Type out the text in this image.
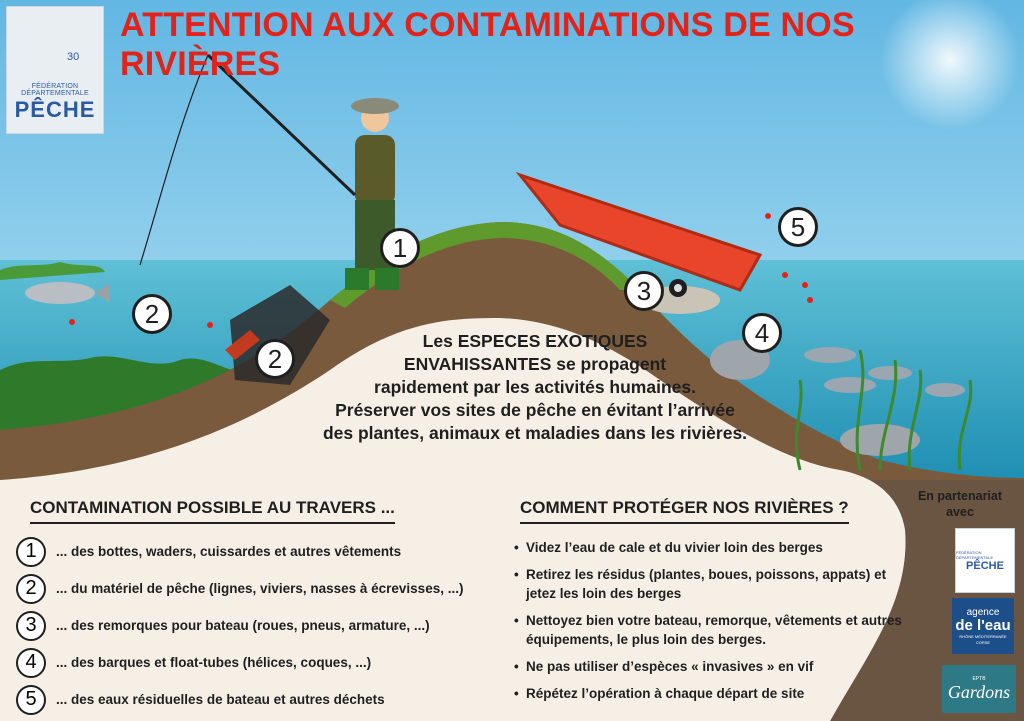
30
FÉDÉRATION DÉPARTEMENTALE
PÊCHE
ATTENTION AUX CONTAMINATIONS DE NOS RIVIÈRES
1
2
2
3
4
5
Les ESPECES EXOTIQUES
ENVAHISSANTES se propagent
rapidement par les activités humaines.
Préserver vos sites de pêche en évitant l’arrivée
des plantes, animaux et maladies dans les rivières.
CONTAMINATION POSSIBLE AU TRAVERS ...
1	... des bottes, waders, cuissardes et autres vêtements
2	... du matériel de pêche (lignes, viviers, nasses à écrevisses, ...)
3	... des remorques pour bateau (roues, pneus, armature, ...)
4	... des barques et float-tubes (hélices, coques, ...)
5	... des eaux résiduelles de bateau et autres déchets
COMMENT PROTÉGER NOS RIVIÈRES ?
• Videz l’eau de cale et du vivier loin des berges
• Retirez les résidus (plantes, boues, poissons, appats) et jetez les loin des berges
• Nettoyez bien votre bateau, remorque, vêtements et autres équipements, le plus loin des berges.
• Ne pas utiliser d’espèces « invasives » en vif
• Répétez l’opération à chaque départ de site
En partenariat avec
FÉDÉRATION DÉPARTEMENTALE
PÊCHE
agence
de l'eau
RHÔNE MÉDITERRANÉE CORSE
EPTB
Gardons
